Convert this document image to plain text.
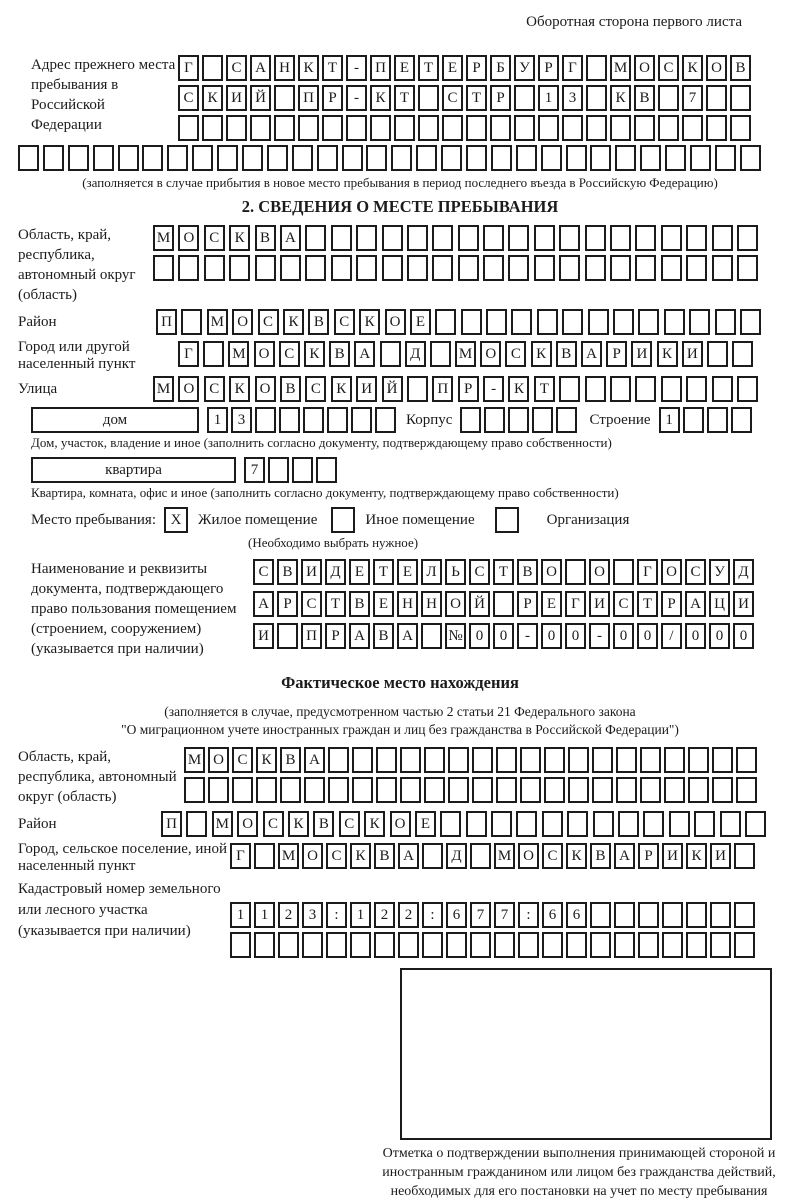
Оборотная сторона первого листа
Адрес прежнего места пребывания в Российской Федерации
Г	С А Н К Т	-	П Е Т Е	Р	Б У Р	Г	М О С К О В
С К И Й	П Р	-	К Т	С Т	Р	1	3	К В	7
(заполняется в случае прибытия в новое место пребывания в период последнего въезда в Российскую Федерацию)
2. СВЕДЕНИЯ О МЕСТЕ ПРЕБЫВАНИЯ
Область, край, республика, автономный округ (область)
М О С	К	В А
Район	П	М О С	К	В	С	К О	Е
Город или другой населенный пункт
Г	М О С	К	В А	Д	М О С	К	В А	Р	И К И
Улица	М О С	К О В	С	К И Й	П	Р	-	К	Т
дом	1	3	Корпус	Строение 1
Дом, участок, владение и иное (заполнить согласно документу, подтверждающему право собственности)
квартира	7
Квартира, комната, офис и иное (заполнить согласно документу, подтверждающему право собственности)
Место пребывания: X	Жилое помещение	Иное помещение	Организация
(Необходимо выбрать нужное)
Наименование и реквизиты документа, подтверждающего право пользования помещением (строением, сооружением) (указывается при наличии)
С В И Д Е Т Е Л Ь С Т В О	О	Г О С У Д
А Р С Т В Е Н Н О Й	Р	Е	Г И С Т	Р А Ц И
И	П Р А В А	№ 0	0	-	0	0	-	0	0	/	0	0	0
Фактическое место нахождения
(заполняется в случае, предусмотренном частью 2 статьи 21 Федерального закона
"О миграционном учете иностранных граждан и лиц без гражданства в Российской Федерации")
Область, край, республика, автономный округ (область)
М О С К В А
Район	П	М О С	К	В	С	К О	Е
Город, сельское поселение, иной населенный пункт
Г	М О С К В А	Д	М О С К В А Р И К И
Кадастровый номер земельного или лесного участка (указывается при наличии)
1	1	2	3	:	1	2	2	:	6	7	7	:	6	6
Отметка о подтверждении выполнения принимающей стороной и иностранным гражданином или лицом без гражданства действий, необходимых для его постановки на учет по месту пребывания
